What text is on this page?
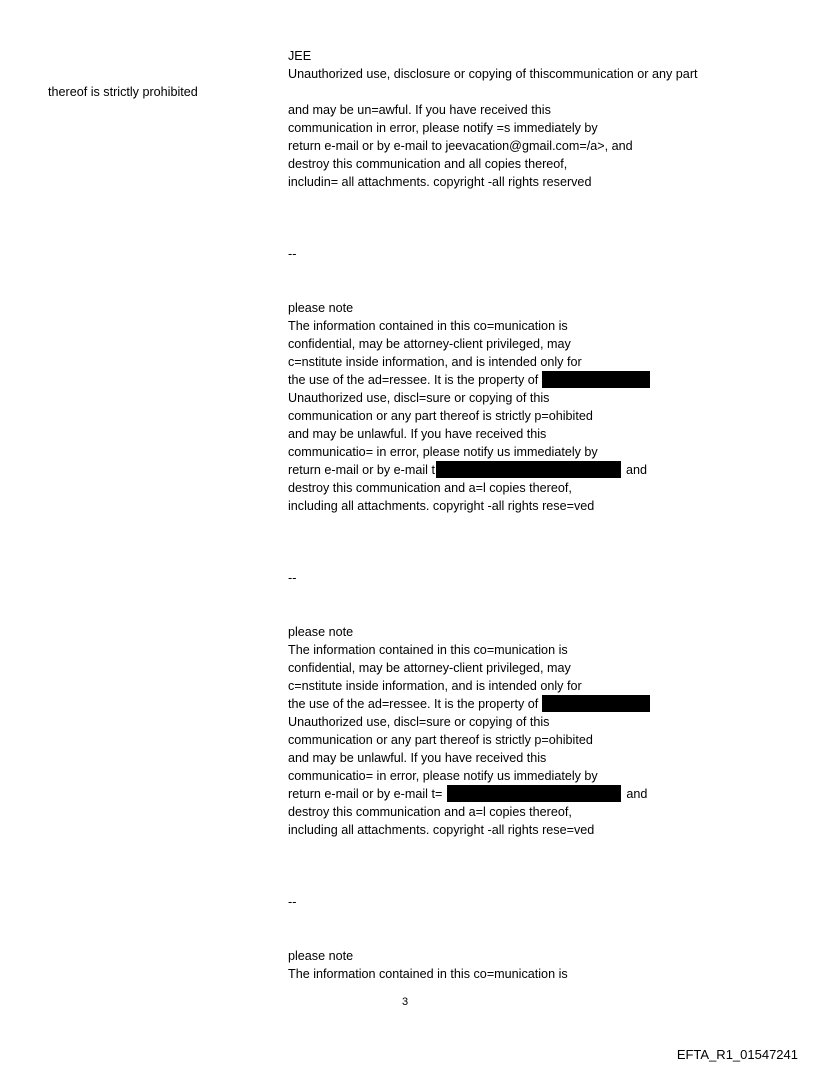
thereof is strictly prohibited
JEE
Unauthorized use, disclosure or copying of thiscommunication or any part
and may be un=awful. If you have received this
communication in error, please notify =s immediately by
return e-mail or by e-mail to jeevacation@gmail.com=/a>, and
destroy this communication and all copies thereof,
includin= all attachments. copyright -all rights reserved
--
please note
The information contained in this co=munication is
confidential, may be attorney-client privileged, may
c=nstitute inside information, and is intended only for
the use of the ad=ressee. It is the property of
Unauthorized use, discl=sure or copying of this
communication or any part thereof is strictly p=ohibited
and may be unlawful. If you have received this
communicatio= in error, please notify us immediately by
return e-mail or by e-mail t	and
destroy this communication and a=l copies thereof,
including all attachments. copyright -all rights rese=ved
--
please note
The information contained in this co=munication is
confidential, may be attorney-client privileged, may
c=nstitute inside information, and is intended only for
the use of the ad=ressee. It is the property of
Unauthorized use, discl=sure or copying of this
communication or any part thereof is strictly p=ohibited
and may be unlawful. If you have received this
communicatio= in error, please notify us immediately by
return e-mail or by e-mail t=	and
destroy this communication and a=l copies thereof,
including all attachments. copyright -all rights rese=ved
--
please note
The information contained in this co=munication is
3
EFTA_R1_01547241
